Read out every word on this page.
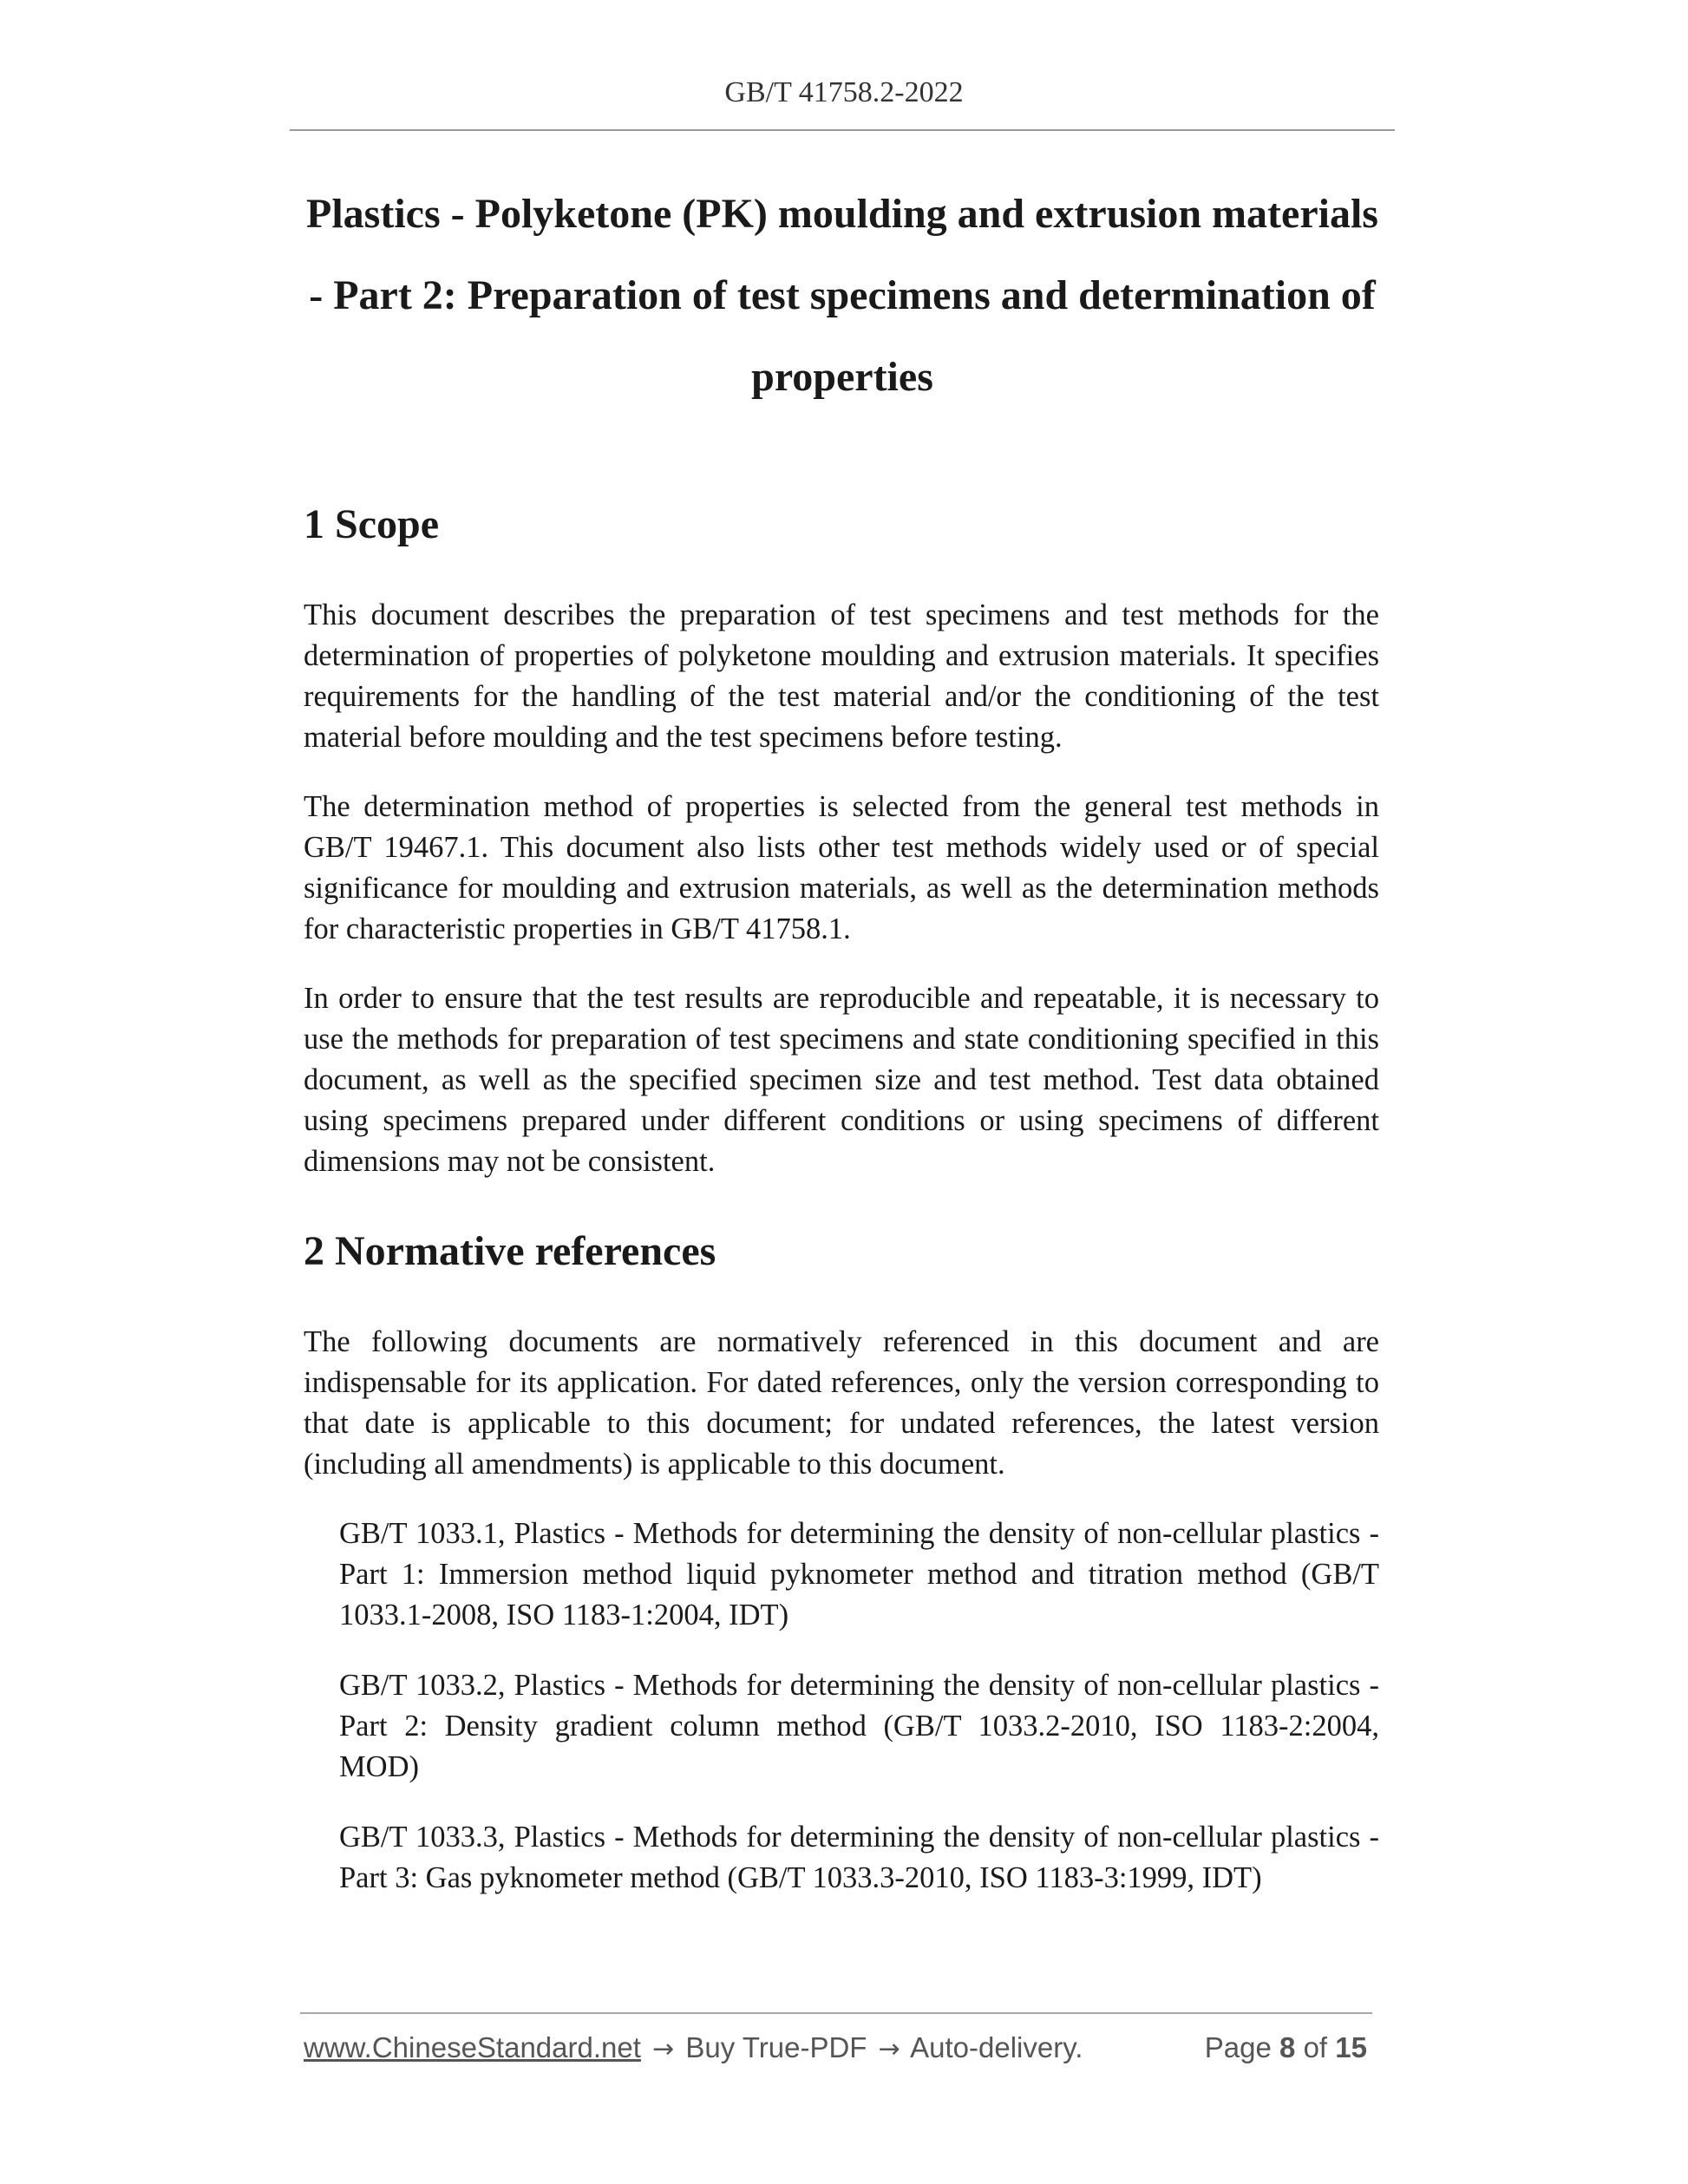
GB/T 41758.2-2022
Plastics - Polyketone (PK) moulding and extrusion materials
- Part 2: Preparation of test specimens and determination of
properties
1 Scope

This document describes the preparation of test specimens and test methods for the determination of properties of polyketone moulding and extrusion materials. It specifies requirements for the handling of the test material and/or the conditioning of the test material before moulding and the test specimens before testing.

The determination method of properties is selected from the general test methods in GB/T 19467.1. This document also lists other test methods widely used or of special significance for moulding and extrusion materials, as well as the determination methods for characteristic properties in GB/T 41758.1.

In order to ensure that the test results are reproducible and repeatable, it is necessary to use the methods for preparation of test specimens and state conditioning specified in this document, as well as the specified specimen size and test method. Test data obtained using specimens prepared under different conditions or using specimens of different dimensions may not be consistent.

2 Normative references

The following documents are normatively referenced in this document and are indispensable for its application. For dated references, only the version corresponding to that date is applicable to this document; for undated references, the latest version (including all amendments) is applicable to this document.

GB/T 1033.1, Plastics - Methods for determining the density of non-cellular plastics - Part 1: Immersion method liquid pyknometer method and titration method (GB/T 1033.1-2008, ISO 1183-1:2004, IDT)

GB/T 1033.2, Plastics - Methods for determining the density of non-cellular plastics - Part 2: Density gradient column method (GB/T 1033.2-2010, ISO 1183-2:2004, MOD)

GB/T 1033.3, Plastics - Methods for determining the density of non-cellular plastics - Part 3: Gas pyknometer method (GB/T 1033.3-2010, ISO 1183-3:1999, IDT)

www.ChineseStandard.net → Buy True-PDF → Auto-delivery.	Page 8 of 15
